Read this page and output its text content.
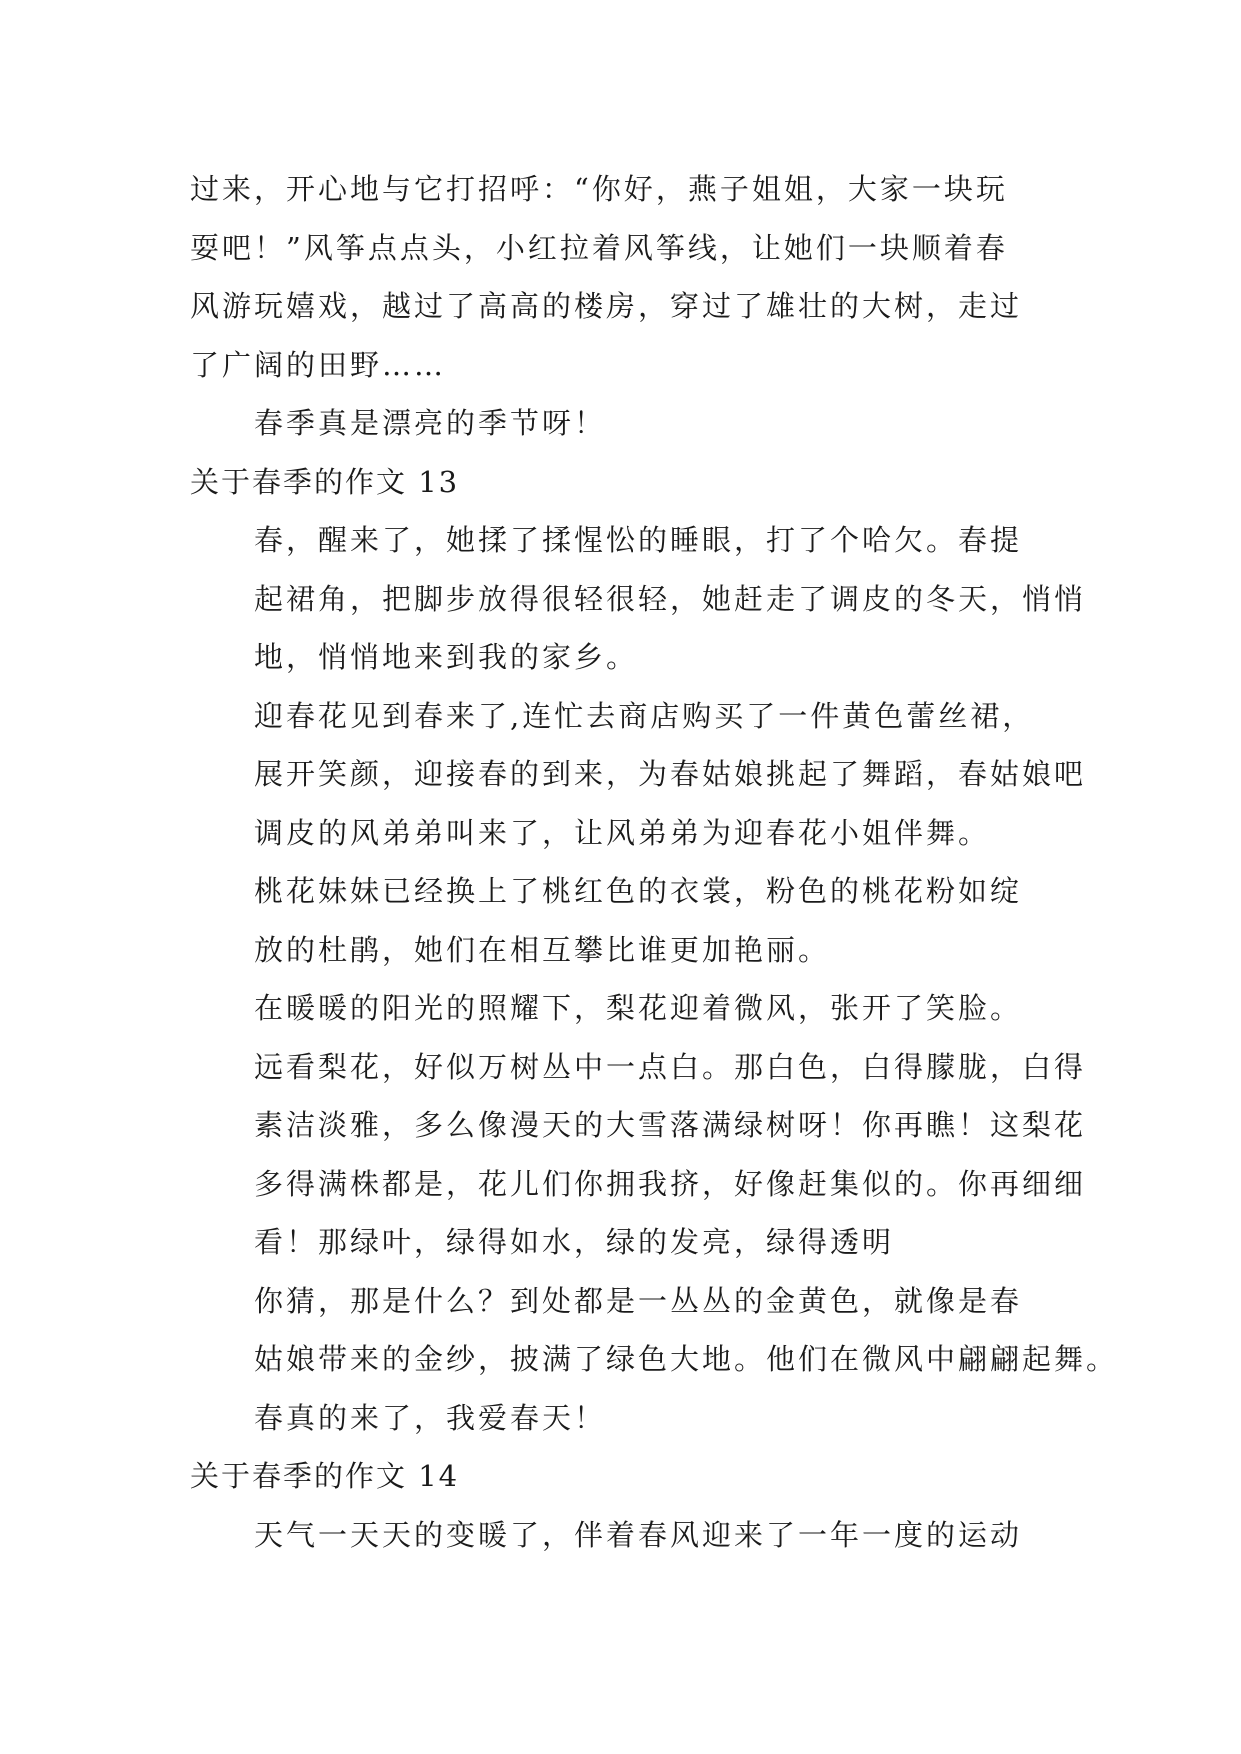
过来，开心地与它打招呼：“你好，燕子姐姐，大家一块玩
耍吧！”风筝点点头，小红拉着风筝线，让她们一块顺着春
风游玩嬉戏，越过了高高的楼房，穿过了雄壮的大树，走过
了广阔的田野……
春季真是漂亮的季节呀！
关于春季的作文 13
春，醒来了，她揉了揉惺忪的睡眼，打了个哈欠。春提
起裙角，把脚步放得很轻很轻，她赶走了调皮的冬天，悄悄
地，悄悄地来到我的家乡。
迎春花见到春来了,连忙去商店购买了一件黄色蕾丝裙，
展开笑颜，迎接春的到来，为春姑娘挑起了舞蹈，春姑娘吧
调皮的风弟弟叫来了，让风弟弟为迎春花小姐伴舞。
桃花妹妹已经换上了桃红色的衣裳，粉色的桃花粉如绽
放的杜鹃，她们在相互攀比谁更加艳丽。
在暖暖的阳光的照耀下，梨花迎着微风，张开了笑脸。
远看梨花，好似万树丛中一点白。那白色，白得朦胧，白得
素洁淡雅，多么像漫天的大雪落满绿树呀！你再瞧！这梨花
多得满株都是，花儿们你拥我挤，好像赶集似的。你再细细
看！那绿叶，绿得如水，绿的发亮，绿得透明
你猜，那是什么？到处都是一丛丛的金黄色，就像是春
姑娘带来的金纱，披满了绿色大地。他们在微风中翩翩起舞。
春真的来了，我爱春天！
关于春季的作文 14
天气一天天的变暖了，伴着春风迎来了一年一度的运动
